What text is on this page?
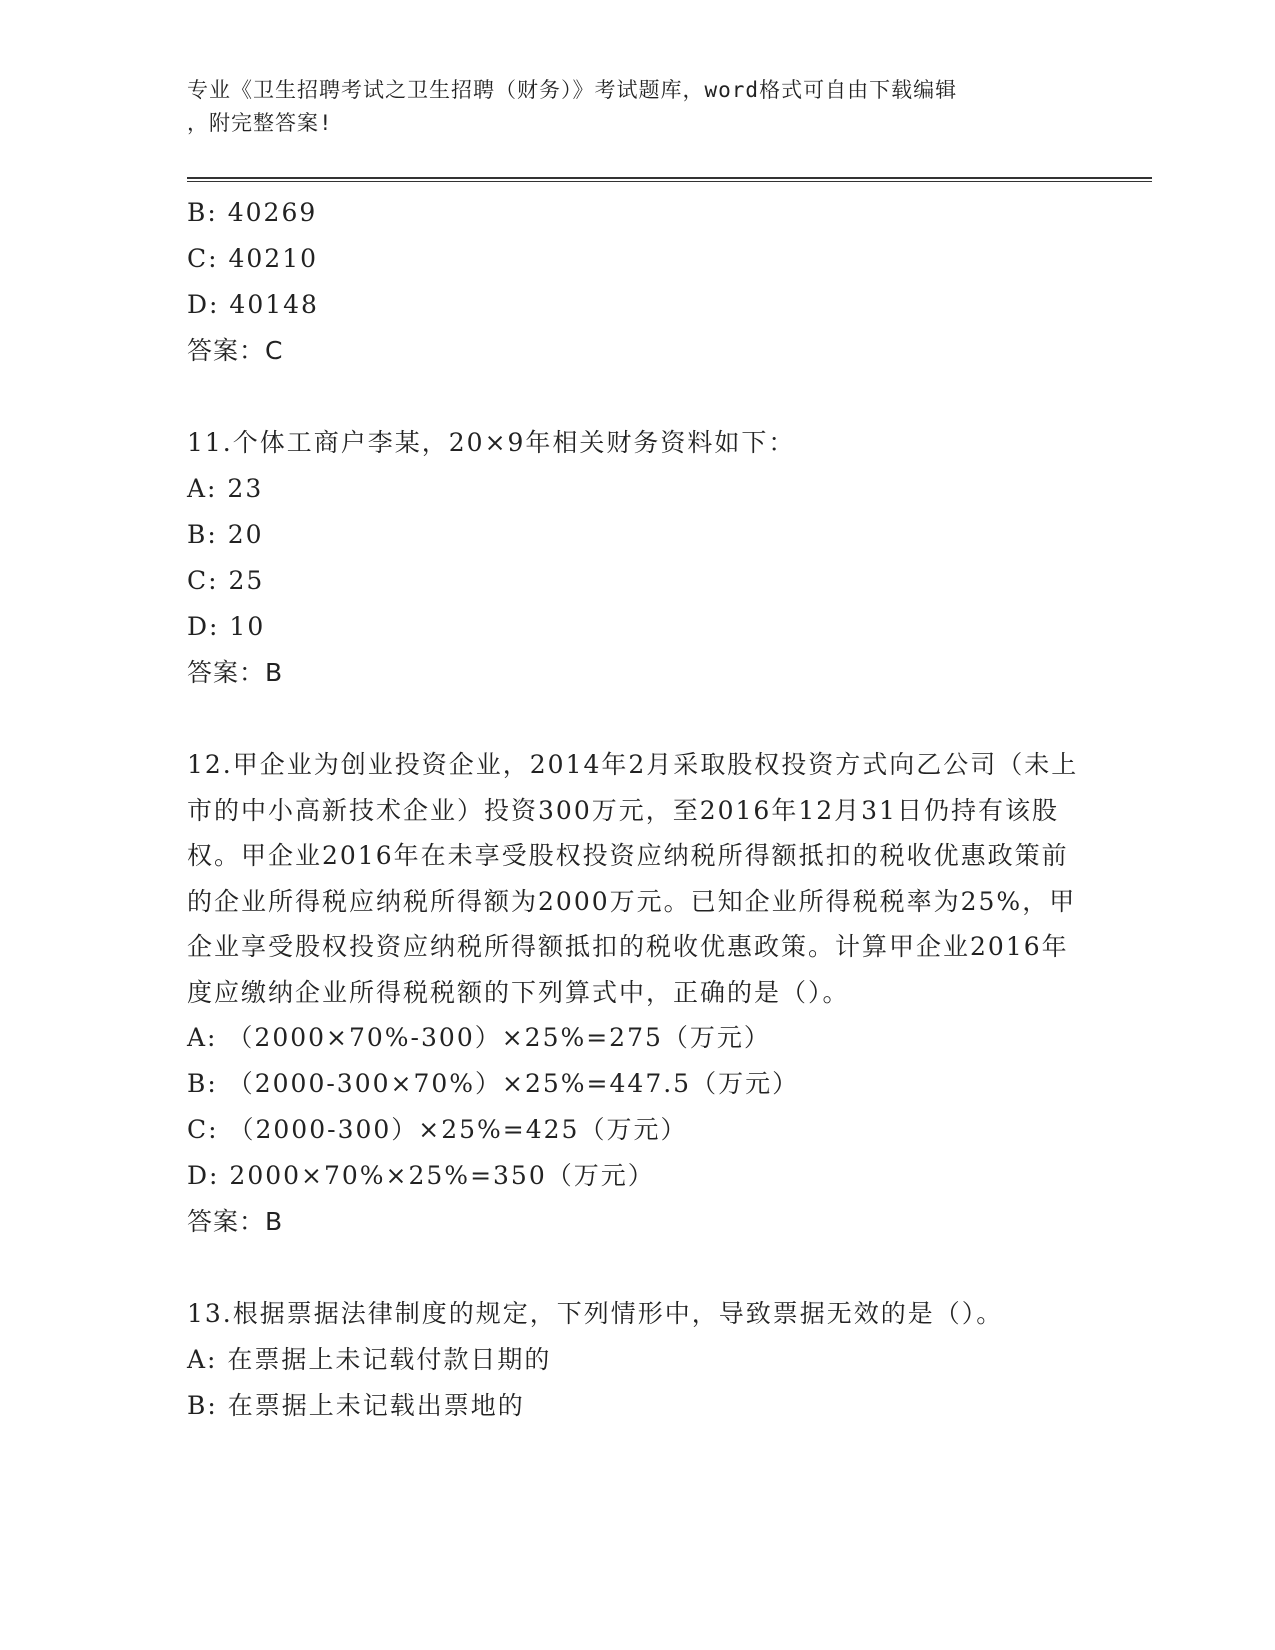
专业《卫生招聘考试之卫生招聘（财务）》考试题库，word格式可自由下载编辑
，附完整答案!
B: 40269
C: 40210
D: 40148
答案：C
11.个体工商户李某，20×9年相关财务资料如下：
A: 23
B: 20
C: 25
D: 10
答案：B
12.甲企业为创业投资企业，2014年2月采取股权投资方式向乙公司（未上市的中小高新技术企业）投资300万元，至2016年12月31日仍持有该股权。甲企业2016年在未享受股权投资应纳税所得额抵扣的税收优惠政策前的企业所得税应纳税所得额为2000万元。已知企业所得税税率为25%，甲企业享受股权投资应纳税所得额抵扣的税收优惠政策。计算甲企业2016年度应缴纳企业所得税税额的下列算式中，正确的是（）。
A: （2000×70%-300）×25%=275（万元）
B: （2000-300×70%）×25%=447.5（万元）
C: （2000-300）×25%=425（万元）
D: 2000×70%×25%=350（万元）
答案：B
13.根据票据法律制度的规定，下列情形中，导致票据无效的是（）。
A: 在票据上未记载付款日期的
B: 在票据上未记载出票地的
